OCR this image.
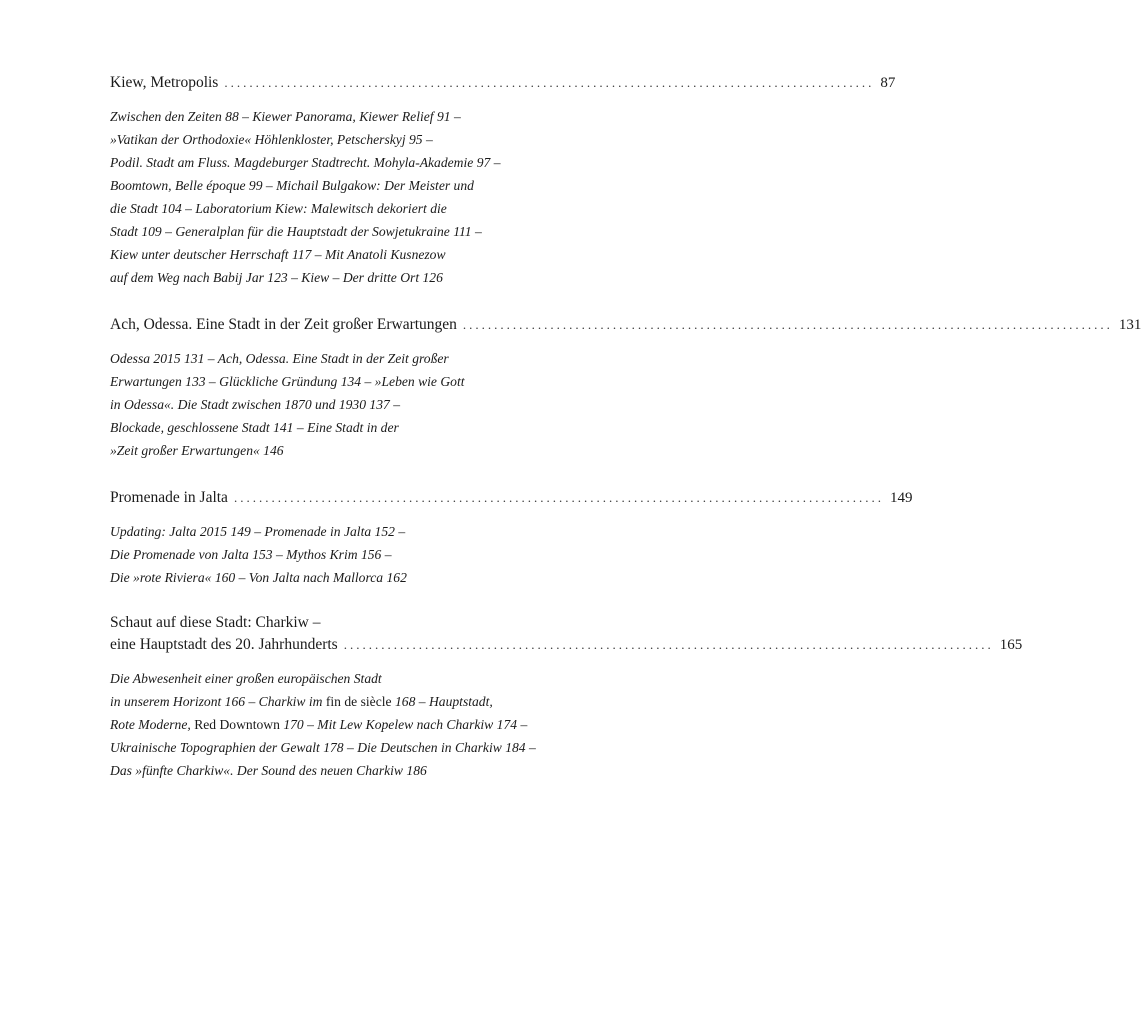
Kiew, Metropolis ........................................................................................................ 87
Zwischen den Zeiten 88 – Kiewer Panorama, Kiewer Relief 91 –
»Vatikan der Orthodoxie« Höhlenkloster, Petscherskyj 95 –
Podil. Stadt am Fluss. Magdeburger Stadtrecht. Mohyla-Akademie 97 –
Boomtown, Belle époque 99 – Michail Bulgakow: Der Meister und
die Stadt 104 – Laboratorium Kiew: Malewitsch dekoriert die
Stadt 109 – Generalplan für die Hauptstadt der Sowjetukraine 111 –
Kiew unter deutscher Herrschaft 117 – Mit Anatoli Kusnezow
auf dem Weg nach Babij Jar 123 – Kiew – Der dritte Ort 126
Ach, Odessa. Eine Stadt in der Zeit großer Erwartungen ........................................................................................................ 131
Odessa 2015 131 – Ach, Odessa. Eine Stadt in der Zeit großer
Erwartungen 133 – Glückliche Gründung 134 – »Leben wie Gott
in Odessa«. Die Stadt zwischen 1870 und 1930 137 –
Blockade, geschlossene Stadt 141 – Eine Stadt in der
»Zeit großer Erwartungen« 146
Promenade in Jalta ........................................................................................................ 149
Updating: Jalta 2015 149 – Promenade in Jalta 152 –
Die Promenade von Jalta 153 – Mythos Krim 156 –
Die »rote Riviera« 160 – Von Jalta nach Mallorca 162
Schaut auf diese Stadt: Charkiw –
eine Hauptstadt des 20. Jahrhunderts ........................................................................................................ 165
Die Abwesenheit einer großen europäischen Stadt
in unserem Horizont 166 – Charkiw im fin de siècle 168 – Hauptstadt,
Rote Moderne, Red Downtown 170 – Mit Lew Kopelew nach Charkiw 174 –
Ukrainische Topographien der Gewalt 178 – Die Deutschen in Charkiw 184 –
Das »fünfte Charkiw«. Der Sound des neuen Charkiw 186
